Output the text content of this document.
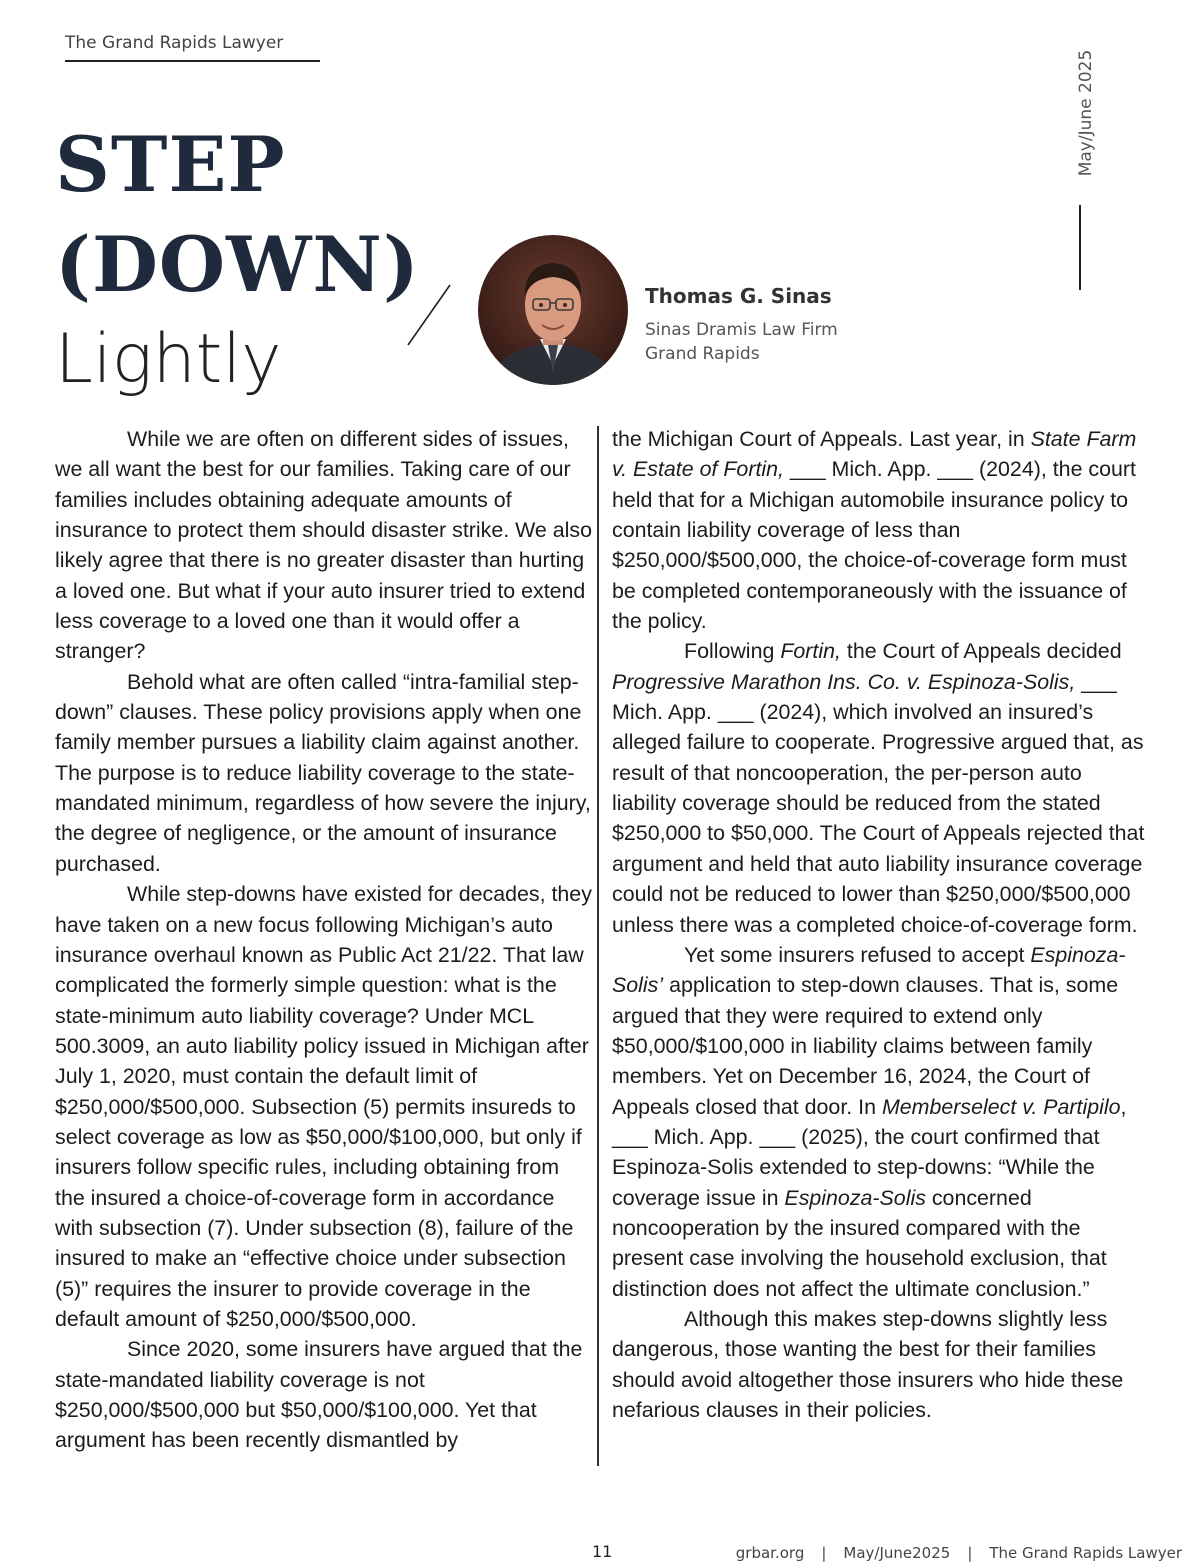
The Grand Rapids Lawyer
May/June 2025
STEP
(DOWN)
Lightly
Thomas G. Sinas
Sinas Dramis Law Firm
Grand Rapids

While we are often on different sides of issues, we all want the best for our families. Taking care of our families includes obtaining adequate amounts of insurance to protect them should disaster strike. We also likely agree that there is no greater disaster than hurting a loved one. But what if your auto insurer tried to extend less coverage to a loved one than it would offer a stranger?

Behold what are often called “intra-familial step-down” clauses. These policy provisions apply when one family member pursues a liability claim against another. The purpose is to reduce liability coverage to the state-mandated minimum, regardless of how severe the injury, the degree of negligence, or the amount of insurance purchased.

While step-downs have existed for decades, they have taken on a new focus following Michigan’s auto insurance overhaul known as Public Act 21/22. That law complicated the formerly simple question: what is the state-minimum auto liability coverage? Under MCL 500.3009, an auto liability policy issued in Michigan after July 1, 2020, must contain the default limit of $250,000/$500,000. Subsection (5) permits insureds to select coverage as low as $50,000/$100,000, but only if insurers follow specific rules, including obtaining from the insured a choice-of-coverage form in accordance with subsection (7). Under subsection (8), failure of the insured to make an “effective choice under subsection (5)” requires the insurer to provide coverage in the default amount of $250,000/$500,000.

Since 2020, some insurers have argued that the state-mandated liability coverage is not $250,000/$500,000 but $50,000/$100,000. Yet that argument has been recently dismantled by

the Michigan Court of Appeals. Last year, in State Farm v. Estate of Fortin, ___ Mich. App. ___ (2024), the court held that for a Michigan automobile insurance policy to contain liability coverage of less than $250,000/$500,000, the choice-of-coverage form must be completed contemporaneously with the issuance of the policy.

Following Fortin, the Court of Appeals decided Progressive Marathon Ins. Co. v. Espinoza-Solis, ___ Mich. App. ___ (2024), which involved an insured’s alleged failure to cooperate. Progressive argued that, as result of that noncooperation, the per-person auto liability coverage should be reduced from the stated $250,000 to $50,000. The Court of Appeals rejected that argument and held that auto liability insurance coverage could not be reduced to lower than $250,000/$500,000 unless there was a completed choice-of-coverage form.

Yet some insurers refused to accept Espinoza-Solis’ application to step-down clauses. That is, some argued that they were required to extend only $50,000/$100,000 in liability claims between family members. Yet on December 16, 2024, the Court of Appeals closed that door. In Memberselect v. Partipilo, ___ Mich. App. ___ (2025), the court confirmed that Espinoza-Solis extended to step-downs: “While the coverage issue in Espinoza-Solis concerned noncooperation by the insured compared with the present case involving the household exclusion, that distinction does not affect the ultimate conclusion.”

Although this makes step-downs slightly less dangerous, those wanting the best for their families should avoid altogether those insurers who hide these nefarious clauses in their policies.

11	grbar.org | May/June2025 | The Grand Rapids Lawyer
